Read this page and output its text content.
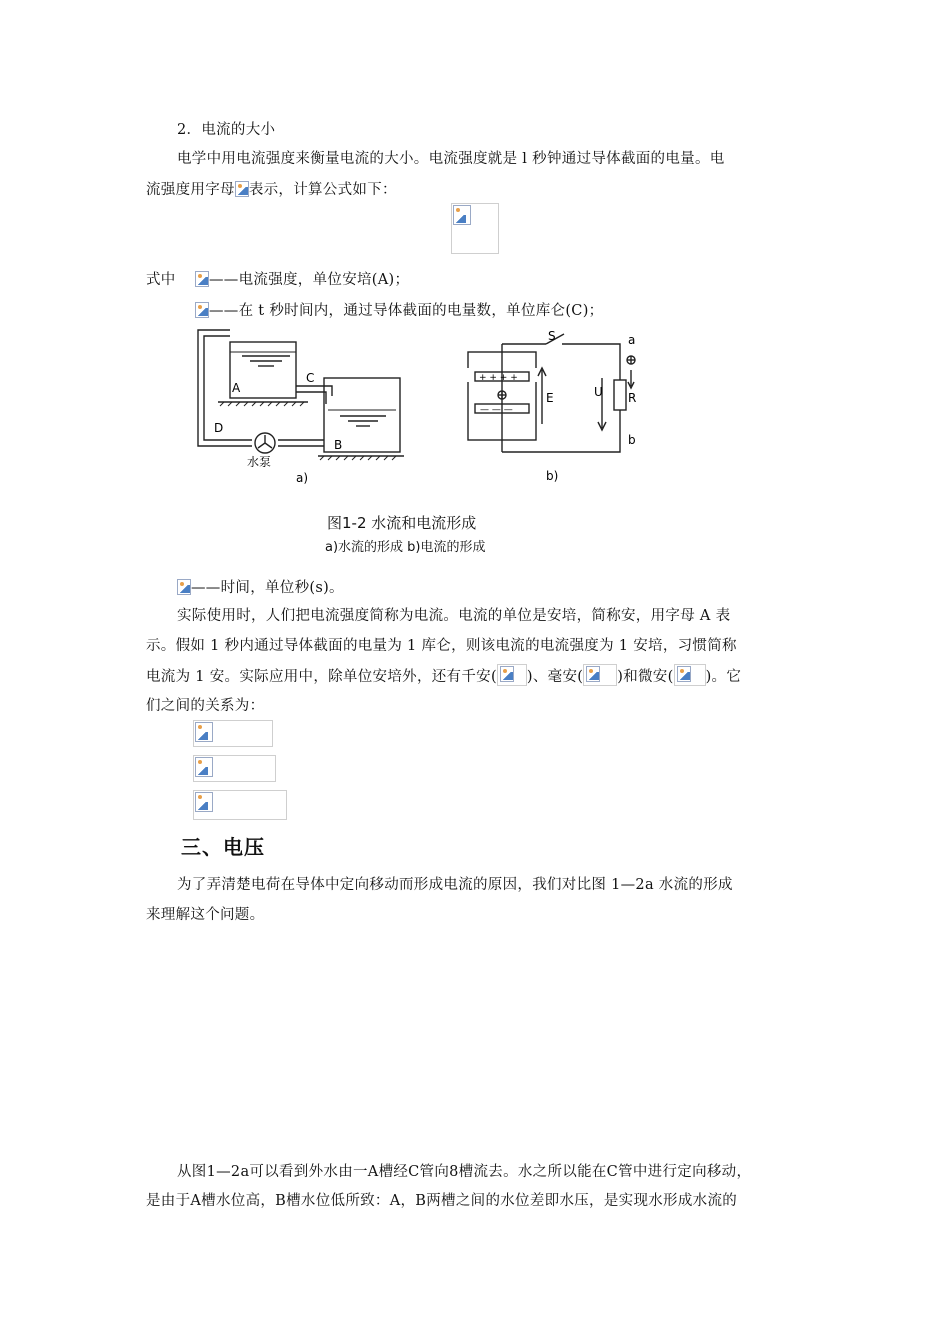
2．电流的大小
电学中用电流强度来衡量电流的大小。电流强度就是 l 秒钟通过导体截面的电量。电
流强度用字母 表示，计算公式如下：
式中	——电流强度，单位安培(A)；
——在 t 秒时间内，通过导体截面的电量数，单位库仑(C)；
A
C
D
B
水泵
a)
S	a
b
U R
E
+ + + +
— — —
b)
图1-2 水流和电流形成
a)水流的形成 b)电流的形成
——时间，单位秒(s)。
实际使用时，人们把电流强度简称为电流。电流的单位是安培，简称安，用字母 A 表
示。假如 1 秒内通过导体截面的电量为 1 库仑，则该电流的电流强度为 1 安培，习惯简称
电流为 1 安。实际应用中，除单位安培外，还有千安( )、毫安( )和微安( )。它
们之间的关系为：
三、电压
为了弄清楚电荷在导体中定向移动而形成电流的原因，我们对比图 1—2a 水流的形成
来理解这个问题。
从图1—2a可以看到外水由一A槽经C管向8槽流去。水之所以能在C管中进行定向移动，
是由于A槽水位高，B槽水位低所致：A，B两槽之间的水位差即水压，是实现水形成水流的
